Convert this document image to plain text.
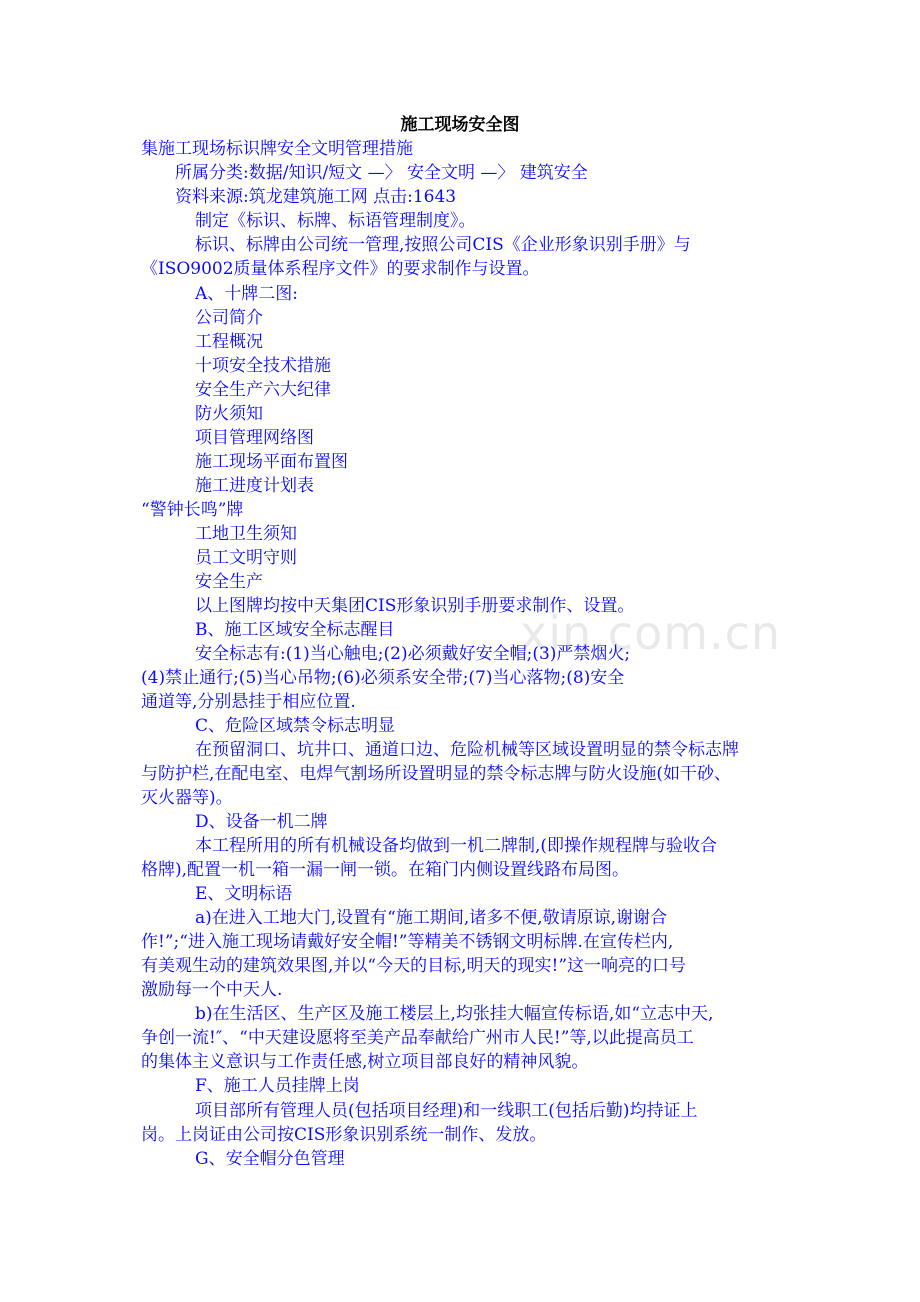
xin.com.cn
施工现场安全图
集施工现场标识牌安全文明管理措施
所属分类:数据/知识/短文 —〉 安全文明 —〉 建筑安全
资料来源:筑龙建筑施工网 点击:1643
制定《标识、标牌、标语管理制度》。
标识、标牌由公司统一管理,按照公司CIS《企业形象识别手册》与
《ISO9002质量体系程序文件》的要求制作与设置。
A、十牌二图:
公司简介
工程概况
十项安全技术措施
安全生产六大纪律
防火须知
项目管理网络图
施工现场平面布置图
施工进度计划表
“警钟长鸣”牌
工地卫生须知
员工文明守则
安全生产
以上图牌均按中天集团CIS形象识别手册要求制作、设置。
B、施工区域安全标志醒目
安全标志有:(1)当心触电;(2)必须戴好安全帽;(3)严禁烟火;
(4)禁止通行;(5)当心吊物;(6)必须系安全带;(7)当心落物;(8)安全
通道等,分别悬挂于相应位置.
C、危险区域禁令标志明显
在预留洞口、坑井口、通道口边、危险机械等区域设置明显的禁令标志牌
与防护栏,在配电室、电焊气割场所设置明显的禁令标志牌与防火设施(如干砂、
灭火器等)。
D、设备一机二牌
本工程所用的所有机械设备均做到一机二牌制,(即操作规程牌与验收合
格牌),配置一机一箱一漏一闸一锁。在箱门内侧设置线路布局图。
E、文明标语
a)在进入工地大门,设置有“施工期间,诸多不便,敬请原谅,谢谢合
作!”;“进入施工现场请戴好安全帽!”等精美不锈钢文明标牌.在宣传栏内,
有美观生动的建筑效果图,并以“今天的目标,明天的现实!”这一响亮的口号
激励每一个中天人.
b)在生活区、生产区及施工楼层上,均张挂大幅宣传标语,如“立志中天,
争创一流!″、“中天建设愿将至美产品奉献给广州市人民!”等,以此提高员工
的集体主义意识与工作责任感,树立项目部良好的精神风貌。
F、施工人员挂牌上岗
项目部所有管理人员(包括项目经理)和一线职工(包括后勤)均持证上
岗。上岗证由公司按CIS形象识别系统一制作、发放。
G、安全帽分色管理
